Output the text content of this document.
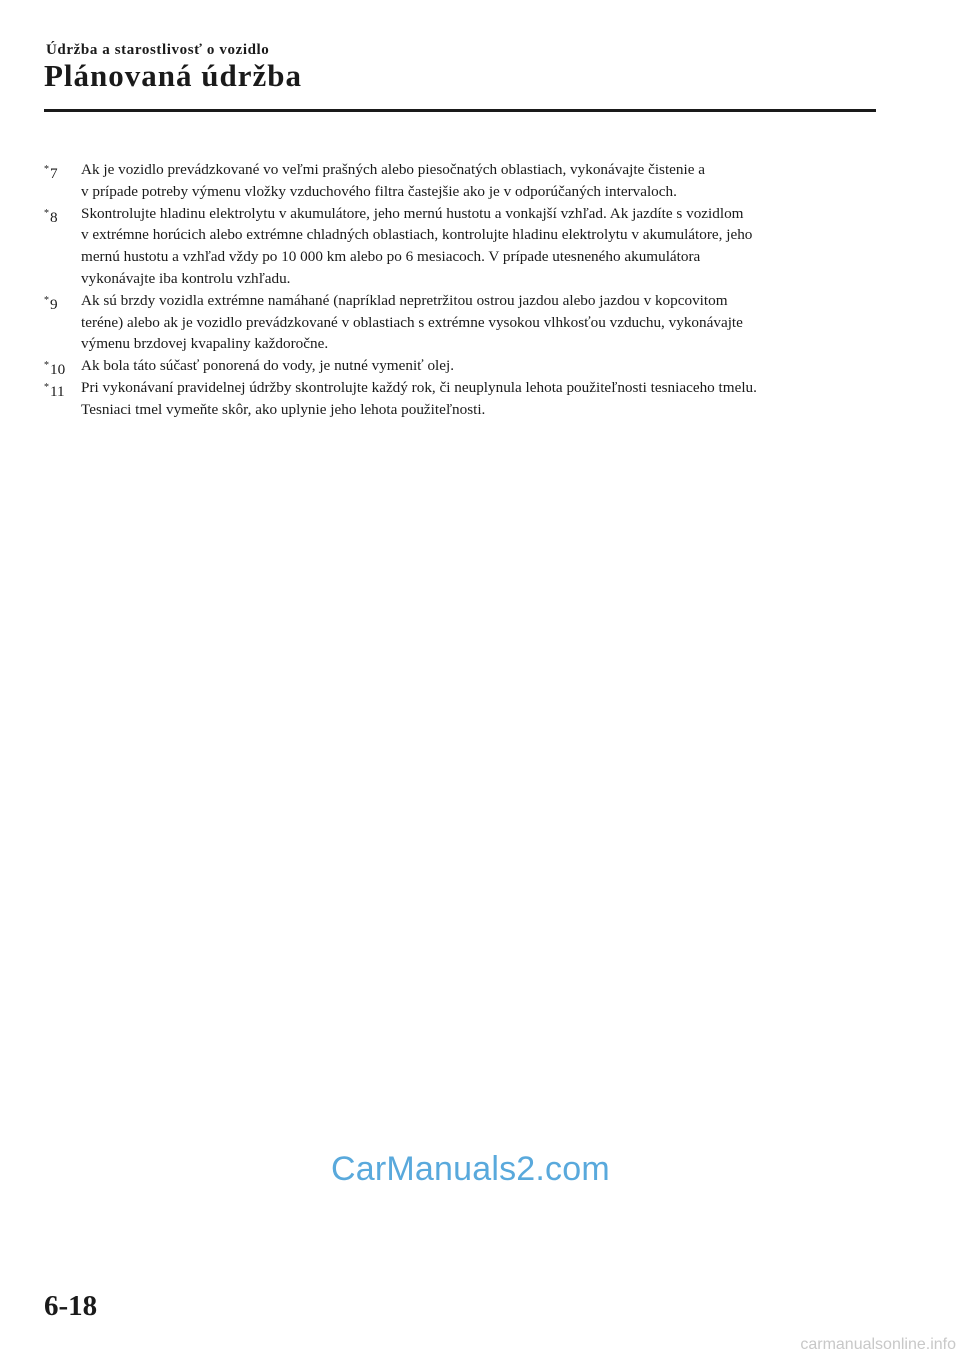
Údržba a starostlivosť o vozidlo
Plánovaná údržba
*7 Ak je vozidlo prevádzkované vo veľmi prašných alebo piesočnatých oblastiach, vykonávajte čistenie a
v prípade potreby výmenu vložky vzduchového filtra častejšie ako je v odporúčaných intervaloch.
*8 Skontrolujte hladinu elektrolytu v akumulátore, jeho mernú hustotu a vonkajší vzhľad. Ak jazdíte s vozidlom
v extrémne horúcich alebo extrémne chladných oblastiach, kontrolujte hladinu elektrolytu v akumulátore, jeho
mernú hustotu a vzhľad vždy po 10 000 km alebo po 6 mesiacoch. V prípade utesneného akumulátora
vykonávajte iba kontrolu vzhľadu.
*9 Ak sú brzdy vozidla extrémne namáhané (napríklad nepretržitou ostrou jazdou alebo jazdou v kopcovitom
teréne) alebo ak je vozidlo prevádzkované v oblastiach s extrémne vysokou vlhkosťou vzduchu, vykonávajte
výmenu brzdovej kvapaliny každoročne.
*10 Ak bola táto súčasť ponorená do vody, je nutné vymeniť olej.
*11 Pri vykonávaní pravidelnej údržby skontrolujte každý rok, či neuplynula lehota použiteľnosti tesniaceho tmelu.
Tesniaci tmel vymeňte skôr, ako uplynie jeho lehota použiteľnosti.
CarManuals2.com
6-18
carmanualsonline.info
